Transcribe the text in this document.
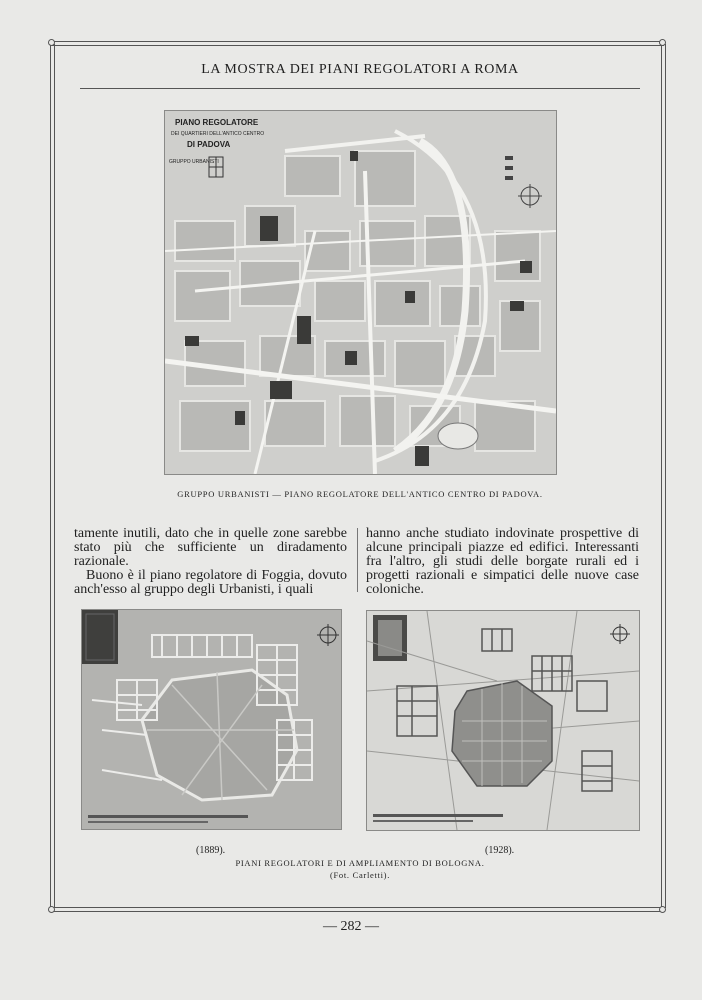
LA MOSTRA DEI PIANI REGOLATORI A ROMA
PIANO REGOLATORE
DEI QUARTIERI DELL'ANTICO CENTRO
DI PADOVA
GRUPPO URBANISTI
GRUPPO URBANISTI — PIANO REGOLATORE DELL'ANTICO CENTRO DI PADOVA.

tamente inutili, dato che in quelle zone sarebbe stato più che sufficiente un diradamento razionale.

Buono è il piano regolatore di Foggia, dovuto anch'esso al gruppo degli Urbanisti, i quali

hanno anche studiato indovinate prospettive di alcune principali piazze ed edifici. Interessanti fra l'altro, gli studi delle borgate rurali ed i progetti razionali e simpatici delle nuove case coloniche.

(1889).	(1928).
PIANI REGOLATORI E DI AMPLIAMENTO DI BOLOGNA.
(Fot. Carletti).
— 282 —
